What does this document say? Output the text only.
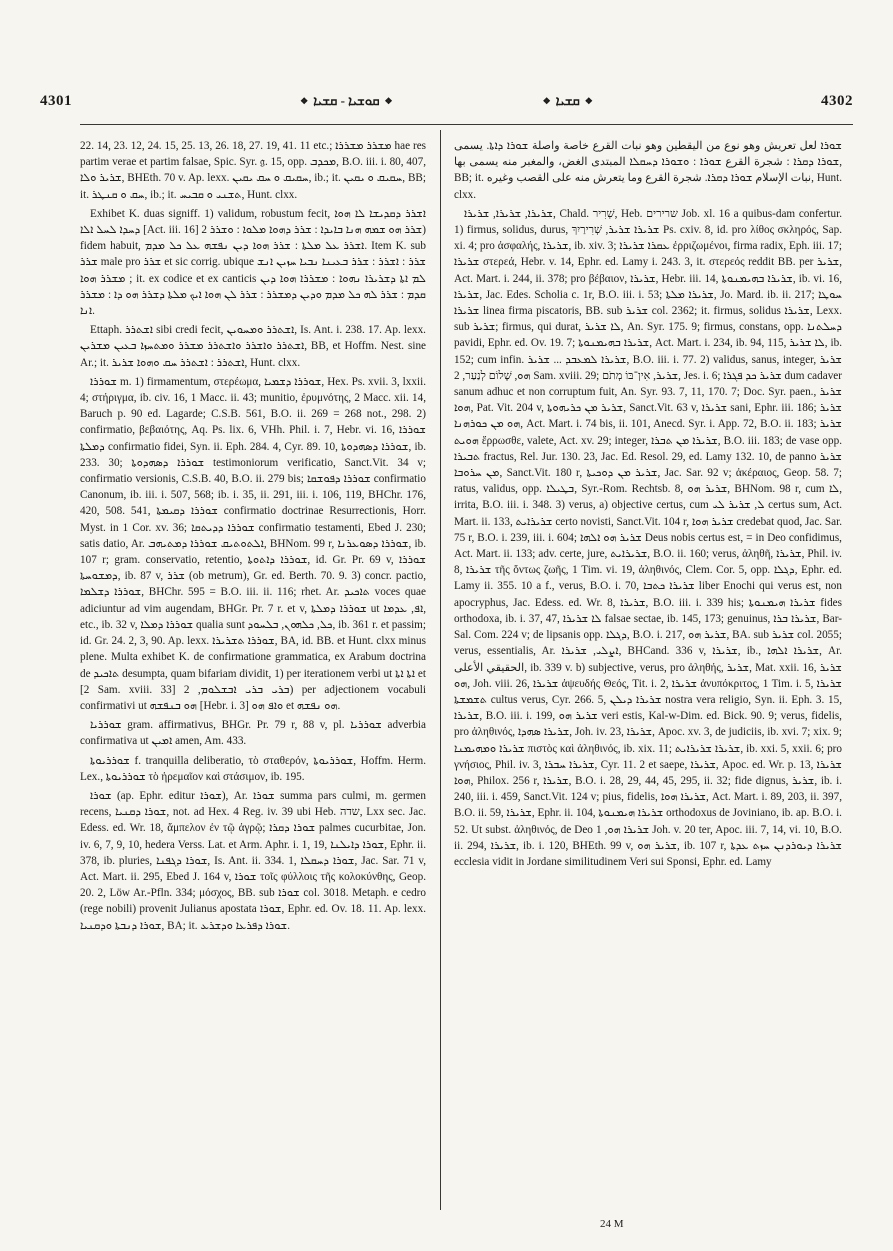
4301	❖ ܩܘܫܝܐ ‑ ܩܫܝܐ ❖	❖ ܩܫܝܐ ❖	4302

22. 14, 23. 12, 24. 15, 25. 13, 26. 18, 27. 19, 41. 11 etc.; ܡܫܪܪ ܡܫܪܪܐ hae res partim verae et partim falsae, Spic. Syr. 𝔤. 15, opp. ܡܟܕܒ, B.O. iii. i. 80, 407, ܫܪܝܪ ܘܠܐ, BHEth. 70 v. Ap. lexx. ܚܩܝܩ ܘ ܚܩ ܝܩܝܢ, ib.; it. ܚܩܝܩ ܘ ܝܩܝܢ, BB; it. ܚܩ ܘ ܩܢܛܪ, ib.; it. ܬܫܢܝ ܘ ܩܒܝܚ, Hunt. clxx.

Exhibet K. duas signiff. 1) validum, robustum fecit, ܐܫܪܪ ܕܩܕܝܫܐ ܠܐ ܗܘܐ ܕܚܕܐ ܠܚܠ ܐܠܐ [Act. iii. 16] ܫܪܪ ܗܘ ܫܡܗ ܗܢܐ ܒܐܝܕܐ : ܫܪܪ ܕܗܘܐ ܡܠܘܐ : ܘܫܪܪ 2) fidem habuit, ܐܫܪܪ ܥܠ ܡܠܬܐ : ܫܪܪ ܗܘܐ ܕܝܢ ܢܦܫܗ ܥܠ ܟܠ ܡܕܡ. Item K. sub ܫܪܪ male pro ܫܪܪ et sic corrig. ubique ܫܪܪ : ܐܫܪܪ : ܫܪܪ ܒܥܝܢܐ ܢܒܝܐ ܚܙܝܢ ܐܢܫ ܡܫܪܪ ܗܘܐ ; it. ex codice et ex canticis ܠܡ ܐܬܐ ܕܫܪܝܪܐ ܢܗܘܐ : ܡܫܪܪܐ ܗܘܐ ܕܝܢ ܩܕܡ : ܫܪܪ ܠܗ ܟܠ ܡܕܡ ܘܕܝܢ ܕܡܫܪܪ : ܫܪܪ ܠܢ ܗܘܐ ܐܝܟ ܡܠܬܐ ܕܫܪܪ ܗܘ ܕܐ : ܡܫܪܪ ܐܢܐ.

Ettaph. ܐܫܬܪܪ sibi credi fecit, ܐܫܬܪܪ ܘܡܚܘܝܢ, Is. Ant. i. 238. 17. Ap. lexx. ܐܫܬܪܪ ܘܐܫܪܪ ܘܐܫܬܪܪ ܡܫܪܪ ܘܡܬܚܙܐ ܒܥܝܢ ܡܫܪܝܢ, BB, et Hoffm. Nest. sine Ar.; it. ܐܫܬܪܪ : ܐܫܬܪܪ ܚܩ ܘܗܘܐ ܫܪܝܪ, Hunt. clxx.

ܫܘܪܪܐ m. 1) firmamentum, στερέωμα, ܫܘܪܪܐ ܕܫܡܝܐ, Hex. Ps. xvii. 3, lxxii. 4; στήριγμα, ib. civ. 16, 1 Macc. ii. 43; munitio, ἐρυμνότης, 2 Macc. xii. 14, Baruch p. 90 ed. Lagarde; C.S.B. 561, B.O. ii. 269 = 268 not., 298. 2) confirmatio, βεβαιότης, Aq. Ps. lix. 6, VHh. Phil. i. 7, Hebr. vi. 16, ܫܘܪܪܐ ܕܡܠܬܐ confirmatio fidei, Syn. ii. Eph. 284. 4, Cyr. 89. 10, ܫܘܪܪܐ ܕܣܗܕܘܬܐ, ib. 233. 30; ܫܘܪܪܐ ܕܣܗܕܘܬܐ testimoniorum verificatio, Sanct.Vit. 34 v; confirmatio versionis, C.S.B. 40, B.O. ii. 279 bis; ܫܘܪܪܐ ܕܦܘܫܩܐ confirmatio Canonum, ib. iii. i. 507, 568; ib. i. 35, ii. 291, iii. i. 106, 119, BHChr. 176, 420, 508. 541, ܫܘܪܪܐ ܕܩܝܡܬܐ confirmatio doctrinae Resurrectionis, Horr. Myst. in 1 Cor. xv. 36; ܫܘܪܪܐ ܕܕܝܬܩܐ confirmatio testamenti, Ebed J. 230; satis datio, Ar. ܐܠܬܘܬܝܩ ܫܘܪܪܐ ܕܡܬܝܗܒ, BHNom. 99 r, ܫܘܪܪܐ ܕܣܘܥܪܢܐ, ib. 107 r; gram. conservatio, retentio, ܫܘܪܪܐ ܕܐܬܘܬܐ, id. Gr. Pr. 69 v, ܫܘܪܪܐ ܕܡܫܘܚܬܐ, ib. 87 v, ܫܪܪ (ob metrum), Gr. ed. Berth. 70. 9. 3) concr. pactio, ܫܘܪܪܐ ܕܫܠܡܐ, BHChr. 595 = B.O. iii. ii. 116; rhet. Ar. ܬܐܟܝܕ voces quae adiciuntur ad vim augendam, BHGr. Pr. 7 r. et v, ܫܘܪܪܐ ܕܡܠܬܐ ut ܐܦ, ܥܕܡܐ, etc., ib. 32 v, ܫܘܪܪܐ ܕܡܠܐ qualia sunt ܟܠ, ܟܠܗܘܢ, ܒܠܚܘܕ, ib. 361 r. et passim; id. Gr. 24. 2, 3, 90. Ap. lexx. ܫܘܪܪܐ ܬܫܪܝܪܐ, BA, id. BB. et Hunt. clxx minus plene. Multa exhibet K. de confirmatione grammatica, ex Arabum doctrina de ܬܐܟܝܕ desumpta, quam bifariam dividit, 1) per iterationem verbi ut ܐܬܐ ܐܬܐ et [2 Sam. xviii. 33] ܒܪܝ ܒܪܝ ܐܒܫܠܘܡ, 2) per adjectionem vocabuli confirmativi ut ܗܘ ܒܢܦܫܗ [Hebr. i. 3] ܘܐܦ ܗܘ et ܗܘ ܢܦܫܗ.

ܫܘܪܪܝܐ gram. affirmativus, BHGr. Pr. 79 r, 88 v, pl. ܫܘܪܪܝܐ adverbia confirmativa ut ܐܡܝܢ amen, Am. 433.

ܫܘܪܪܝܘܬܐ f. tranquilla deliberatio, τὸ σταθερόν, ܫܘܪܪܝܘܬܐ, Hoffm. Herm. Lex., ܫܘܪܪܝܘܬܐ τὸ ἠρεμαῖον καὶ στάσιμον, ib. 195.

ܫܘܪܐ (ap. Ephr. editur ܫܘܪܐ), Ar. ܫܘܪܐ summa pars culmi, m. germen recens, ܫܘܪܐ ܕܩܢܝܐ, not. ad Hex. 4 Reg. iv. 39 ubi Heb. שדה, Lxx sec. Jac. Edess. ed. Wr. 18, ἄμπελον ἐν τῷ ἀγρῷ; ܫܘܪܐ ܕܩܪܐ palmes cucurbitae, Jon. iv. 6, 7, 9, 10, hedera Verss. Lat. et Arm. Aphr. i. 1, 19, ܫܘܪܐ ܕܐܝܠܢܐ, Ephr. ii. 378, ib. pluries, ܫܘܪܐ ܕܓܦܢܐ, Is. Ant. ii. 334. 1, ܫܘܪܐ ܕܚܩܠܐ, Jac. Sar. 71 v, Act. Mart. ii. 295, Ebed J. 164 v, ܫܘܪܐ τοῖς φύλλοις τῆς κολοκύνθης, Geop. 20. 2, Löw Ar.-Pfln. 334; μόσχος, BB. sub ܫܘܪܐ col. 3018. Metaph. e cedro (rege nobili) provenit Julianus apostata ܫܘܪܐ, Ephr. ed. Ov. 18. 11. Ap. lexx. ܫܘܪܐ ܕܢܒܬܐ ܘܕܩܢܝܐ, BA; it. ܫܘܪܐ ܕܦܪܥܐ ܘܕܫܪܥ.

ܫܘܪܐ لعل تعريش وهو نوع من اليقطين وهو نبات القرع خاصة واصلة ܫܘܪܐ ܕܐܬܐ. يسمى ܫܘܪܐ ܕܩܪܐ : شجرة القرع ܫܘܪܐ : ܘܫܘܪܐ ܕܚܩܠܐ المبتدى الغض، والمغبر منه يسمى بها, BB; it. نبات الإسلام ܫܘܪܐ ܕܩܪܐ. شجرة القرع وما يتعرش منه على القصب وغيره, Hunt. clxx.

ܫܪܝܪܐ, ܫܪܝܪܐ, ܫܪܝܪܐ, Chald. שְׁרִיר, Heb. שרירים Job. xl. 16 a quibus-dam confertur. 1) firmus, solidus, durus, ܫܪܝܪܐ ܫܪܝܪ, שְׁרִירַיִךְ Ps. cxiv. 8, id. pro λίθος σκληρός, Sap. xi. 4; pro ἀσφαλής, ܫܪܝܪܐ, ib. xiv. 3; ܥܩܪܐ ܫܪܝܪܐ ἐρριζωμένοι, firma radix, Eph. iii. 17; ܫܪܝܪܐ στερεά, Hebr. v. 14, Ephr. ed. Lamy i. 243. 3, it. στερεός reddit BB. per ܫܪܝܪ, Act. Mart. i. 244, ii. 378; pro βέβαιον, ܫܪܝܪܐ, Hebr. iii. 14, ܫܪܝܪܐ ܒܗܝܡܢܘܬܐ, ib. vi. 16, ܫܪܝܪܐ, Jac. Edes. Scholia c. 1r, B.O. iii. i. 53; ܫܪܝܪܐ ܡܠܬܐ, Jo. Mard. ib. ii. 217; ܚܘܛܐ ܫܪܝܪܐ linea firma piscatoris, BB. sub ܫܪܝܪ col. 2362; it. firmus, solidus ܫܪܝܪܐ, Lexx. sub ܫܪܝܪ; firmus, qui durat, ܠܐ ܫܪܝܪ, An. Syr. 175. 9; firmus, constans, opp. ܕܚܠܬܢܐ pavidi, Ephr. ed. Ov. 19. 7; ܫܪܝܪܐ ܒܗܝܡܢܘܬܐ, Act. Mart. i. 234, ib. 94, 115, ܠܐ ܫܪܝܪ, ib. 152; cum infin. ܫܪܝܪܐ ܠܡܥܒܕ ... ܫܪܝܪ, B.O. iii. i. 77. 2) validus, sanus, integer, ܫܪܝܪ ܗܘ, שָׁלוֹם לְנַעַר, 2 Sam. xviii. 29; ܫܪܝܪ, אִין־בּוֹ מְתֹם, Jes. i. 6; ܫܪܝܪ ܟܕ ܦܓܪܐ dum cadaver sanum adhuc et non corruptum fuit, An. Syr. 93. 7, 11, 170. 7; Doc. Syr. paen., ܫܪܝܪ ܗܘܐ, Pat. Vit. 204 v, ܫܪܝܪ ܡܢ ܟܪܝܗܘܬܐ, Sanct.Vit. 63 v, ܫܪܝܪܐ sani, Ephr. iii. 186; ܫܪܝܪ ܗܘ ܡܢ ܟܘܪܗܢܐ, Act. Mart. i. 74 bis, ii. 101, Anecd. Syr. i. App. 72, B.O. ii. 183; ܫܪܝܪ ܗܘܝܬ ἔρρωσθε, valete, Act. xv. 29; integer, ܫܪܝܪܐ ܡܢ ܬܒܪܐ, B.O. iii. 183; de vase opp. ܬܒܝܪܐ fractus, Rel. Jur. 130. 23, Jac. Ed. Resol. 29, ed. Lamy 132. 10, de panno ܫܪܝܪ ܡܢ ܚܪܘܒܐ, Sanct.Vit. 180 r, ܫܪܝܪ ܡܢ ܕܘܟܝܬܐ, Jac. Sar. 92 v; ἀκέραιος, Geop. 58. 7; ratus, validus, opp. ܒܛܝܠܐ, Syr.-Rom. Rechtsb. 8, ܫܪܝܪ ܗܘ, BHNom. 98 r, cum ܠܐ, irrita, B.O. iii. i. 348. 3) verus, a) objective certus, cum ܠ, ܫܪܝܪ ܠܝ certus sum, Act. Mart. ii. 133, ܫܪܝܪܐܝܬ certo novisti, Sanct.Vit. 104 r, ܫܪܝܪ ܗܘܐ credebat quod, Jac. Sar. 75 r, B.O. i. 239, iii. i. 604; ܫܪܝܪ ܗܘ ܐܠܗܐ Deus nobis certus est, = in Deo confidimus, Act. Mart. ii. 133; adv. certe, jure, ܫܪܝܪܐܝܬ, B.O. ii. 160; verus, ἀληθῆ, ܫܪܝܪܐ, Phil. iv. 8, ܫܪܝܪܐ τῆς ὄντως ζωῆς, 1 Tim. vi. 19, ἀληθινός, Clem. Cor. 5, opp. ܕܓܠܐ, Ephr. ed. Lamy ii. 355. 10 a f., verus, B.O. i. 70, ܫܪܝܪܐ ܟܬܒܐ liber Enochi qui verus est, non apocryphus, Jac. Edess. ed. Wr. 8, ܫܪܝܪܐ, B.O. iii. i. 339 his; ܫܪܝܪܐ ܗܝܡܢܘܬܐ fides orthodoxa, ib. i. 37, 47, ܠܐ ܫܪܝܪܐ falsae sectae, ib. 145, 173; genuinus, ܫܪܝܪܐ ܒܪܐ, Bar-Sal. Com. 224 v; de lipsanis opp. ܕܓܠܐ, B.O. i. 217, ܫܪܝܪ ܗܘ, BA. sub ܫܪܝܪ col. 2055; verus, essentialis, Ar. ܐܨܠܝ, ܫܪܝܪܐ, BHCand. 336 v, ܫܪܝܪܐ, ib., ܫܪܝܪܐ ܐܠܗܐ, Ar. الحقيقي الأعلى, ib. 339 v. b) subjective, verus, pro ἀληθής, ܫܪܝܪ, Mat. xxii. 16, ܫܪܝܪ ܗܘ, Joh. viii. 26, ܫܪܝܪܐ ἀψευδής Θεός, Tit. i. 2, ܫܪܝܪܐ ἀνυπόκριτος, 1 Tim. i. 5, ܫܪܝܪܐ ܬܫܡܫܬܐ cultus verus, Cyr. 266. 5, ܫܪܝܪܐ ܕܝܠܢ nostra vera religio, Syn. ii. Eph. 3. 15, ܫܪܝܪܐ, B.O. iii. i. 199, ܫܪܝܪ ܗܘ veri estis, Kal-w-Dim. ed. Bick. 90. 9; verus, fidelis, pro ἀληθινός, ܫܪܝܪܐ ܣܗܕܐ, Joh. iv. 23, ܫܪܝܪܐ, Apoc. xv. 3, de judiciis, ib. xvi. 7; xix. 9; ܫܪܝܪܐ ܘܡܗܝܡܢܐ πιστὸς καὶ ἀληθινός, ib. xix. 11; ܫܪܝܪܐ ܫܪܝܪܐܝܬ, ib. xxi. 5, xxii. 6; pro γνήσιος, Phil. iv. 3, ܫܪܝܪܐ ܚܒܪܐ, Cyr. 11. 2 et saepe, ܫܪܝܪܐ, Apoc. ed. Wr. p. 13, ܫܪܝܪܐ ܗܘܐ, Philox. 256 r, ܫܪܝܪܐ, B.O. i. 28, 29, 44, 45, 295, ii. 32; fide dignus, ܫܪܝܪ, ib. i. 240, iii. i. 459, Sanct.Vit. 124 v; pius, fidelis, ܫܪܝܪܐ ܗܘܐ, Act. Mart. i. 89, 203, ii. 397, B.O. ii. 59, ܫܪܝܪܐ, Ephr. ii. 104, ܫܪܝܪܐ ܗܝܡܢܘܬܐ orthodoxus de Joviniano, ib. ap. B.O. i. 52. Ut subst. ἀληθινός, de Deo ܫܪܝܪܐ ܗܘ, 1 Joh. v. 20 ter, Apoc. iii. 7, 14, vi. 10, B.O. ii. 294, ܫܪܝܪܐ, ib. i. 120, BHEth. 99 v, ܫܪܝܪ ܗܘ, ib. 107 r, ܫܪܝܪܐ ܕܝܘܪܕܢܢ ܚܙܬ ܥܕܬܐ ecclesia vidit in Jordane similitudinem Veri sui Sponsi, Ephr. ed. Lamy

24 M
